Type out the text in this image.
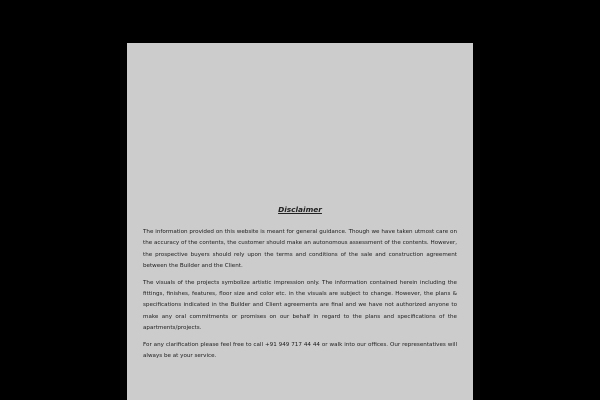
Disclaimer

The information provided on this website is meant for general guidance. Though we have taken utmost care on the accuracy of the contents, the customer should make an autonomous assessment of the contents. However, the prospective buyers should rely upon the terms and conditions of the sale and construction agreement between the Builder and the Client.

The visuals of the projects symbolize artistic impression only. The information contained herein including the fittings, finishes, features, floor size and color etc. in the visuals are subject to change. However, the plans & specifications indicated in the Builder and Client agreements are final and we have not authorized anyone to make any oral commitments or promises on our behalf in regard to the plans and specifications of the apartments/projects.

For any clarification please feel free to call +91 949 717 44 44 or walk into our offices. Our representatives will always be at your service.
